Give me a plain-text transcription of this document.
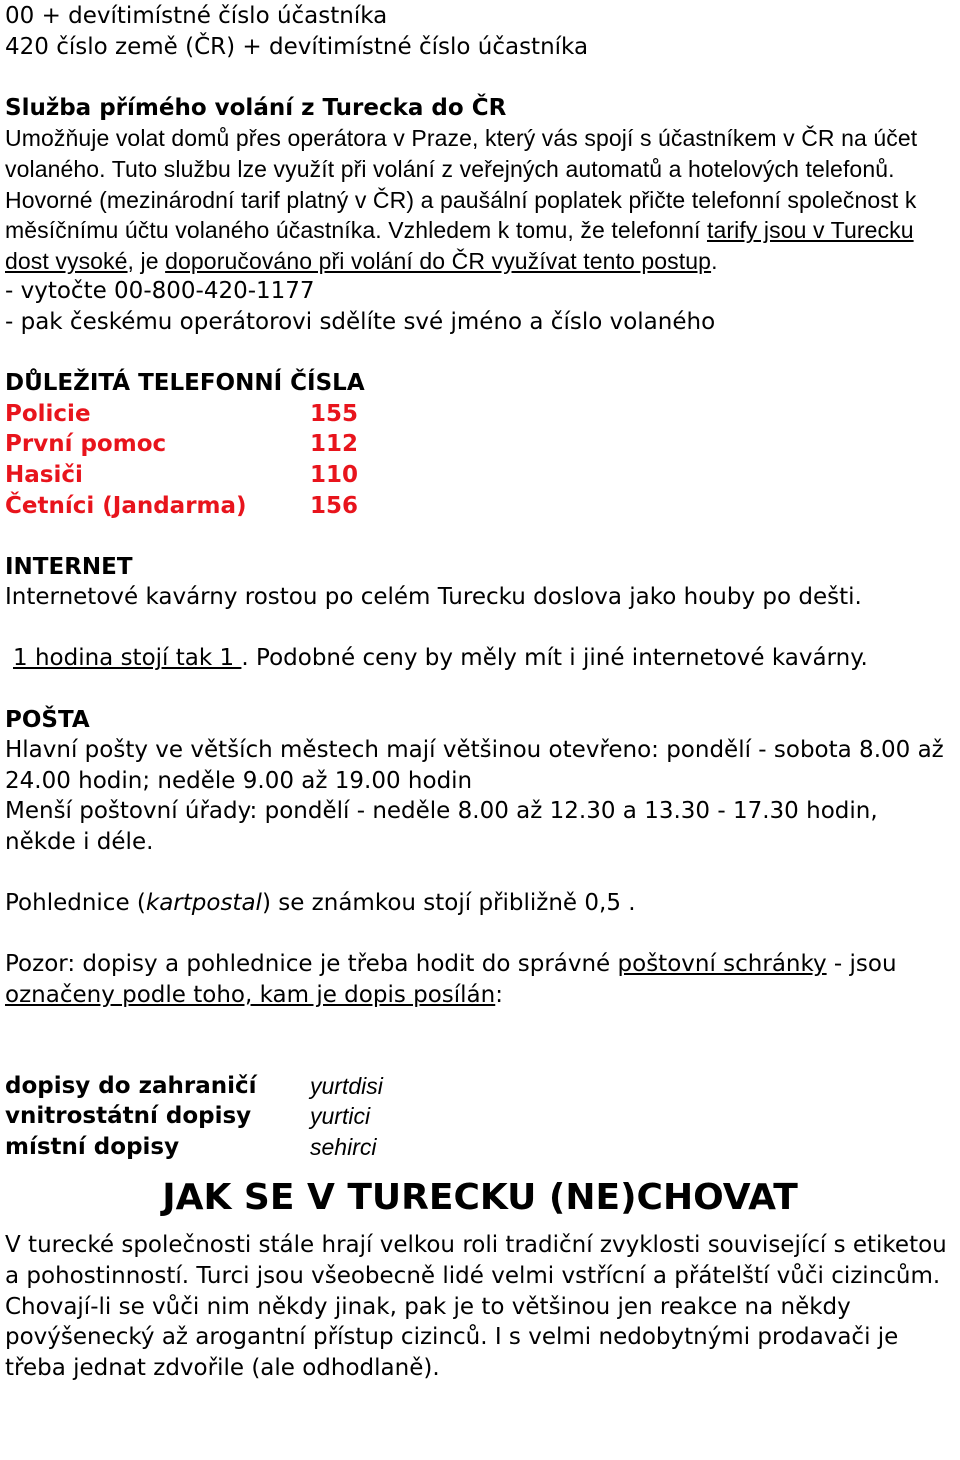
00 + devítimístné číslo účastníka

420 číslo země (ČR) + devítimístné číslo účastníka

Služba přímého volání z Turecka do ČR

Umožňuje volat domů přes operátora v Praze, který vás spojí s účastníkem v ČR na účet volaného. Tuto službu lze využít při volání z veřejných automatů a hotelových telefonů. Hovorné (mezinárodní tarif platný v ČR) a paušální poplatek přičte telefonní společnost k měsíčnímu účtu volaného účastníka. Vzhledem k tomu, že telefonní tarify jsou v Turecku dost vysoké, je doporučováno při volání do ČR využívat tento postup.

- vytočte 00-800-420-1177

- pak českému operátorovi sdělíte své jméno a číslo volaného

DŮLEŽITÁ TELEFONNÍ ČÍSLA

Policie	155
První pomoc	112
Hasiči	110
Četníci (Jandarma)	156

INTERNET

Internetové kavárny rostou po celém Turecku doslova jako houby po dešti.

1 hodina stojí tak 1 . Podobné ceny by měly mít i jiné internetové kavárny.

POŠTA

Hlavní pošty ve větších městech mají většinou otevřeno: pondělí - sobota 8.00 až 24.00 hodin; neděle 9.00 až 19.00 hodin

Menší poštovní úřady: pondělí - neděle 8.00 až 12.30 a 13.30 - 17.30 hodin, někde i déle.

Pohlednice (kartpostal) se známkou stojí přibližně 0,5 .

Pozor: dopisy a pohlednice je třeba hodit do správné poštovní schránky - jsou označeny podle toho, kam je dopis posílán:

dopisy do zahraničí	yurtdisi
vnitrostátní dopisy	yurtici
místní dopisy	sehirci

JAK SE V TURECKU (NE)CHOVAT

V turecké společnosti stále hrají velkou roli tradiční zvyklosti související s etiketou a pohostinností. Turci jsou všeobecně lidé velmi vstřícní a přátelští vůči cizincům. Chovají-li se vůči nim někdy jinak, pak je to většinou jen reakce na někdy povýšenecký až arogantní přístup cizinců. I s velmi nedobytnými prodavači je třeba jednat zdvořile (ale odhodlaně).
